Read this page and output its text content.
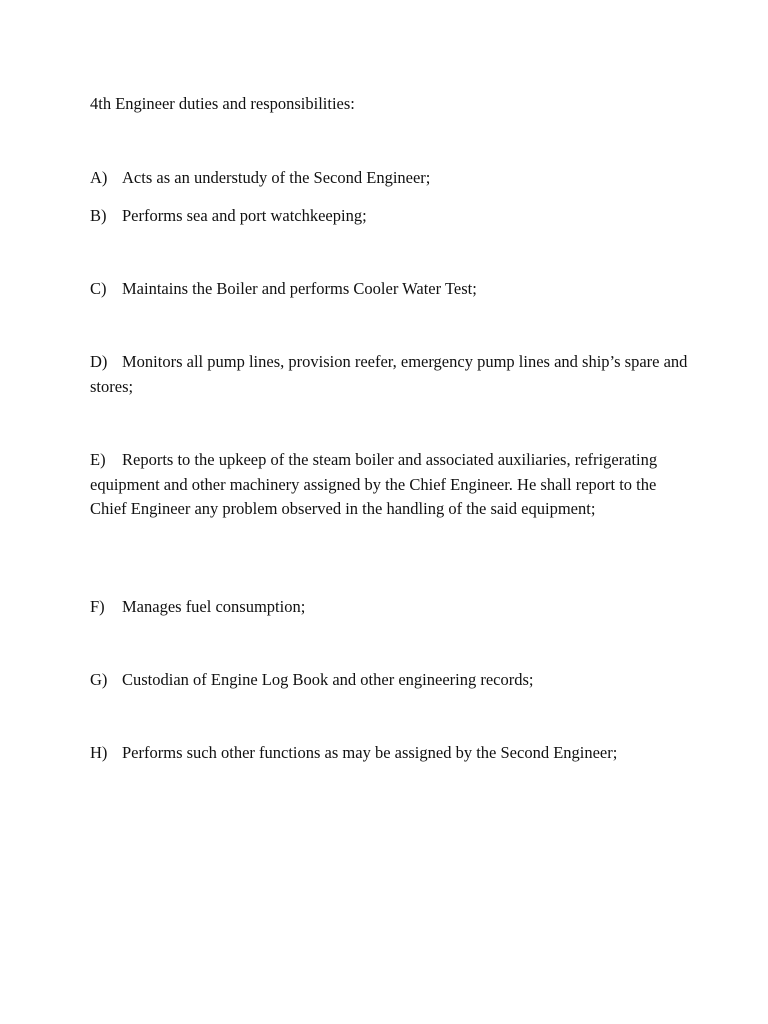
4th Engineer duties and responsibilities:
A) Acts as an understudy of the Second Engineer;
B) Performs sea and port watchkeeping;
C) Maintains the Boiler and performs Cooler Water Test;
D) Monitors all pump lines, provision reefer, emergency pump lines and ship’s spare and stores;
E) Reports to the upkeep of the steam boiler and associated auxiliaries, refrigerating equipment and other machinery assigned by the Chief Engineer. He shall report to the Chief Engineer any problem observed in the handling of the said equipment;
F) Manages fuel consumption;
G) Custodian of Engine Log Book and other engineering records;
H) Performs such other functions as may be assigned by the Second Engineer;
